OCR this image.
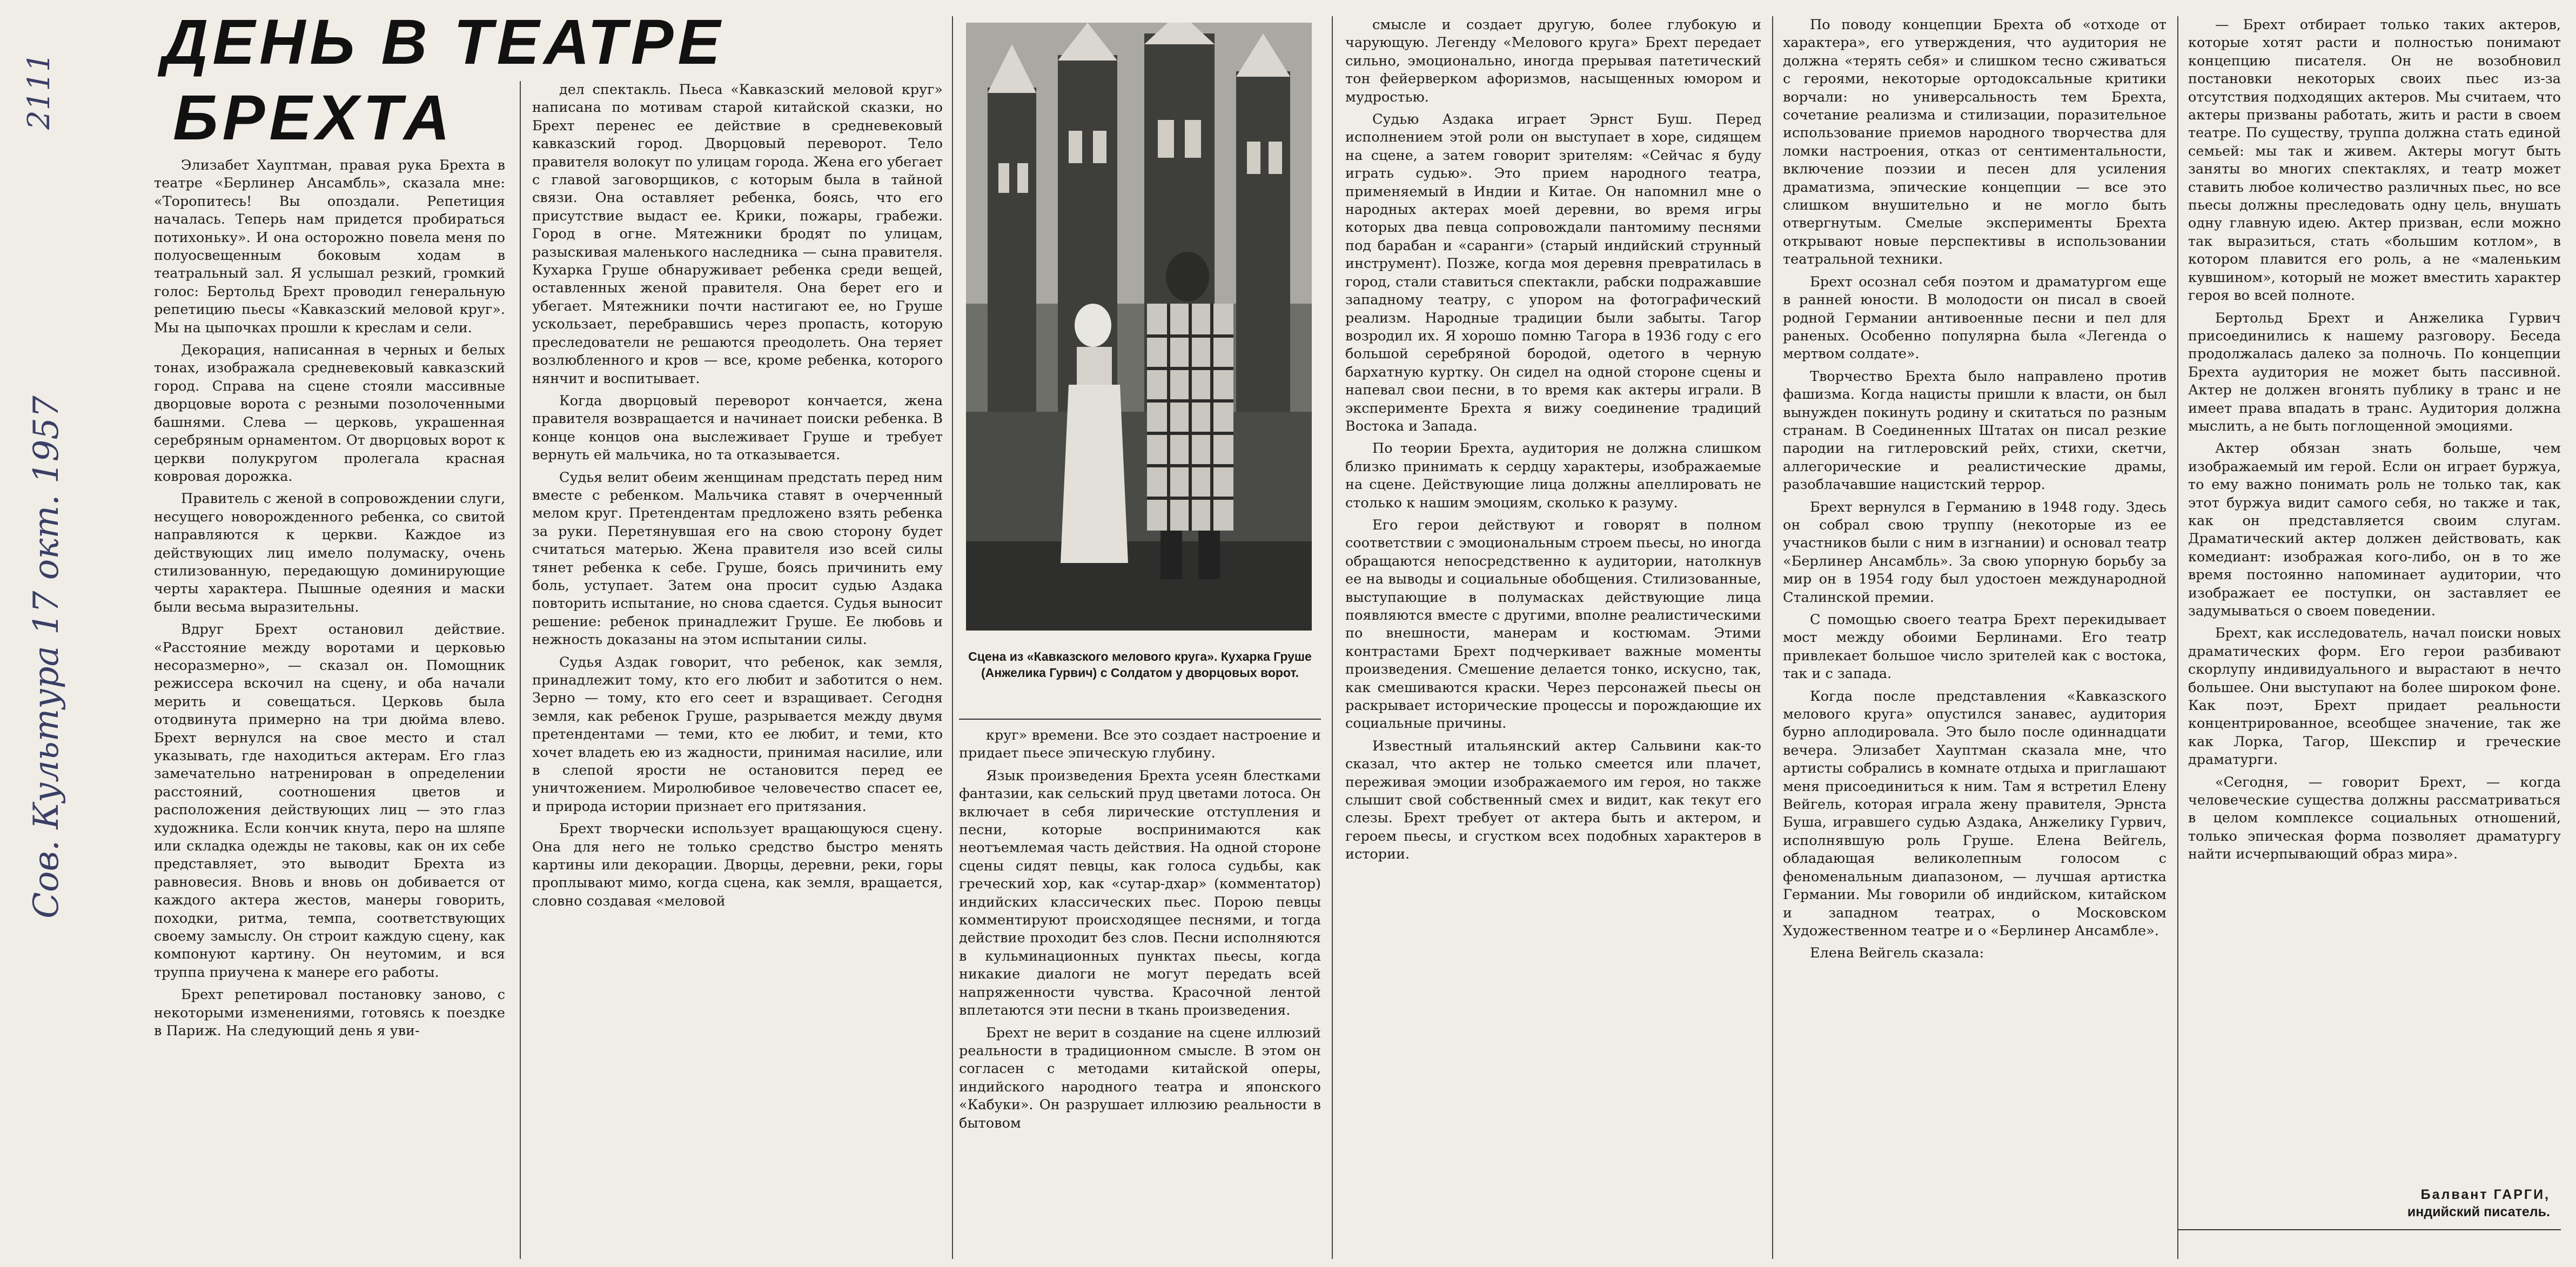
2111
Сов. Культура 17 окт. 1957
ДЕНЬ В ТЕАТРЕ
БРЕХТА

Элизабет Хауптман, правая рука Брехта в театре «Берлинер Ансамбль», сказала мне: «Торопитесь! Вы опоздали. Репетиция началась. Теперь нам придется пробираться потихоньку». И она осторожно повела меня по полуосвещенным боковым ходам в театральный зал. Я услышал резкий, громкий голос: Бертольд Брехт проводил генеральную репетицию пьесы «Кавказский меловой круг». Мы на цыпочках прошли к креслам и сели.

Декорация, написанная в черных и белых тонах, изображала средневековый кавказский город. Справа на сцене стояли массивные дворцовые ворота с резными позолоченными башнями. Слева — церковь, украшенная серебряным орнаментом. От дворцовых ворот к церкви полукругом пролегала красная ковровая дорожка.

Правитель с женой в сопровождении слуги, несущего новорожденного ребенка, со свитой направляются к церкви. Каждое из действующих лиц имело полумаску, очень стилизованную, передающую доминирующие черты характера. Пышные одеяния и маски были весьма выразительны.

Вдруг Брехт остановил действие. «Расстояние между воротами и церковью несоразмерно», — сказал он. Помощник режиссера вскочил на сцену, и оба начали мерить и совещаться. Церковь была отодвинута примерно на три дюйма влево. Брехт вернулся на свое место и стал указывать, где находиться актерам. Его глаз замечательно натренирован в определении расстояний, соотношения цветов и расположения действующих лиц — это глаз художника. Если кончик кнута, перо на шляпе или складка одежды не таковы, как он их себе представляет, это выводит Брехта из равновесия. Вновь и вновь он добивается от каждого актера жестов, манеры говорить, походки, ритма, темпа, соответствующих своему замыслу. Он строит каждую сцену, как компонуют картину. Он неутомим, и вся труппа приучена к манере его работы.

Брехт репетировал постановку заново, с некоторыми изменениями, готовясь к поездке в Париж. На следующий день я уви-

дел спектакль. Пьеса «Кавказский меловой круг» написана по мотивам старой китайской сказки, но Брехт перенес ее действие в средневековый кавказский город. Дворцовый переворот. Тело правителя волокут по улицам города. Жена его убегает с главой заговорщиков, с которым была в тайной связи. Она оставляет ребенка, боясь, что его присутствие выдаст ее. Крики, пожары, грабежи. Город в огне. Мятежники бродят по улицам, разыскивая маленького наследника — сына правителя. Кухарка Груше обнаруживает ребенка среди вещей, оставленных женой правителя. Она берет его и убегает. Мятежники почти настигают ее, но Груше ускользает, перебравшись через пропасть, которую преследователи не решаются преодолеть. Она теряет возлюбленного и кров — все, кроме ребенка, которого нянчит и воспитывает.

Когда дворцовый переворот кончается, жена правителя возвращается и начинает поиски ребенка. В конце концов она выслеживает Груше и требует вернуть ей мальчика, но та отказывается.

Судья велит обеим женщинам предстать перед ним вместе с ребенком. Мальчика ставят в очерченный мелом круг. Претендентам предложено взять ребенка за руки. Перетянувшая его на свою сторону будет считаться матерью. Жена правителя изо всей силы тянет ребенка к себе. Груше, боясь причинить ему боль, уступает. Затем она просит судью Аздака повторить испытание, но снова сдается. Судья выносит решение: ребенок принадлежит Груше. Ее любовь и нежность доказаны на этом испытании силы.

Судья Аздак говорит, что ребенок, как земля, принадлежит тому, кто его любит и заботится о нем. Зерно — тому, кто его сеет и взращивает. Сегодня земля, как ребенок Груше, разрывается между двумя претендентами — теми, кто ее любит, и теми, кто хочет владеть ею из жадности, принимая насилие, или в слепой ярости не остановится перед ее уничтожением. Миролюбивое человечество спасет ее, и природа истории признает его притязания.

Брехт творчески использует вращающуюся сцену. Она для него не только средство быстро менять картины или декорации. Дворцы, деревни, реки, горы проплывают мимо, когда сцена, как земля, вращается, словно создавая «меловой

Сцена из «Кавказского мелового круга». Кухарка Груше (Анжелика Гурвич) с Солдатом у дворцовых ворот.

круг» времени. Все это создает настроение и придает пьесе эпическую глубину.

Язык произведения Брехта усеян блестками фантазии, как сельский пруд цветами лотоса. Он включает в себя лирические отступления и песни, которые воспринимаются как неотъемлемая часть действия. На одной стороне сцены сидят певцы, как голоса судьбы, как греческий хор, как «сутар-дхар» (комментатор) индийских классических пьес. Порою певцы комментируют происходящее песнями, и тогда действие проходит без слов. Песни исполняются в кульминационных пунктах пьесы, когда никакие диалоги не могут передать всей напряженности чувства. Красочной лентой вплетаются эти песни в ткань произведения.

Брехт не верит в создание на сцене иллюзий реальности в традиционном смысле. В этом он согласен с методами китайской оперы, индийского народного театра и японского «Кабуки». Он разрушает иллюзию реальности в бытовом

смысле и создает другую, более глубокую и чарующую. Легенду «Мелового круга» Брехт передает сильно, эмоционально, иногда прерывая патетический тон фейерверком афоризмов, насыщенных юмором и мудростью.

Судью Аздака играет Эрнст Буш. Перед исполнением этой роли он выступает в хоре, сидящем на сцене, а затем говорит зрителям: «Сейчас я буду играть судью». Это прием народного театра, применяемый в Индии и Китае. Он напомнил мне о народных актерах моей деревни, во время игры которых два певца сопровождали пантомиму песнями под барабан и «саранги» (старый индийский струнный инструмент). Позже, когда моя деревня превратилась в город, стали ставиться спектакли, рабски подражавшие западному театру, с упором на фотографический реализм. Народные традиции были забыты. Тагор возродил их. Я хорошо помню Тагора в 1936 году с его большой серебряной бородой, одетого в черную бархатную куртку. Он сидел на одной стороне сцены и напевал свои песни, в то время как актеры играли. В эксперименте Брехта я вижу соединение традиций Востока и Запада.

По теории Брехта, аудитория не должна слишком близко принимать к сердцу характеры, изображаемые на сцене. Действующие лица должны апеллировать не столько к нашим эмоциям, сколько к разуму.

Его герои действуют и говорят в полном соответствии с эмоциональным строем пьесы, но иногда обращаются непосредственно к аудитории, натолкнув ее на выводы и социальные обобщения. Стилизованные, выступающие в полумасках действующие лица появляются вместе с другими, вполне реалистическими по внешности, манерам и костюмам. Этими контрастами Брехт подчеркивает важные моменты произведения. Смешение делается тонко, искусно, так, как смешиваются краски. Через персонажей пьесы он раскрывает исторические процессы и порождающие их социальные причины.

Известный итальянский актер Сальвини как-то сказал, что актер не только смеется или плачет, переживая эмоции изображаемого им героя, но также слышит свой собственный смех и видит, как текут его слезы. Брехт требует от актера быть и актером, и героем пьесы, и сгустком всех подобных характеров в истории.

По поводу концепции Брехта об «отходе от характера», его утверждения, что аудитория не должна «терять себя» и слишком тесно сживаться с героями, некоторые ортодоксальные критики ворчали: но универсальность тем Брехта, сочетание реализма и стилизации, поразительное использование приемов народного творчества для ломки настроения, отказ от сентиментальности, включение поэзии и песен для усиления драматизма, эпические концепции — все это слишком внушительно и не могло быть отвергнутым. Смелые эксперименты Брехта открывают новые перспективы в использовании театральной техники.

Брехт осознал себя поэтом и драматургом еще в ранней юности. В молодости он писал в своей родной Германии антивоенные песни и пел для раненых. Особенно популярна была «Легенда о мертвом солдате».

Творчество Брехта было направлено против фашизма. Когда нацисты пришли к власти, он был вынужден покинуть родину и скитаться по разным странам. В Соединенных Штатах он писал резкие пародии на гитлеровский рейх, стихи, скетчи, аллегорические и реалистические драмы, разоблачавшие нацистский террор.

Брехт вернулся в Германию в 1948 году. Здесь он собрал свою труппу (некоторые из ее участников были с ним в изгнании) и основал театр «Берлинер Ансамбль». За свою упорную борьбу за мир он в 1954 году был удостоен международной Сталинской премии.

С помощью своего театра Брехт перекидывает мост между обоими Берлинами. Его театр привлекает большое число зрителей как с востока, так и с запада.

Когда после представления «Кавказского мелового круга» опустился занавес, аудитория бурно аплодировала. Это было после одиннадцати вечера. Элизабет Хауптман сказала мне, что артисты собрались в комнате отдыха и приглашают меня присоединиться к ним. Там я встретил Елену Вейгель, которая играла жену правителя, Эрнста Буша, игравшего судью Аздака, Анжелику Гурвич, исполнявшую роль Груше. Елена Вейгель, обладающая великолепным голосом с феноменальным диапазоном, — лучшая артистка Германии. Мы говорили об индийском, китайском и западном театрах, о Московском Художественном театре и о «Берлинер Ансамбле».

Елена Вейгель сказала:

— Брехт отбирает только таких актеров, которые хотят расти и полностью понимают концепцию писателя. Он не возобновил постановки некоторых своих пьес из-за отсутствия подходящих актеров. Мы считаем, что актеры призваны работать, жить и расти в своем театре. По существу, труппа должна стать единой семьей: мы так и живем. Актеры могут быть заняты во многих спектаклях, и театр может ставить любое количество различных пьес, но все пьесы должны преследовать одну цель, внушать одну главную идею. Актер призван, если можно так выразиться, стать «большим котлом», в котором плавится его роль, а не «маленьким кувшином», который не может вместить характер героя во всей полноте.

Бертольд Брехт и Анжелика Гурвич присоединились к нашему разговору. Беседа продолжалась далеко за полночь. По концепции Брехта аудитория не может быть пассивной. Актер не должен вгонять публику в транс и не имеет права впадать в транс. Аудитория должна мыслить, а не быть поглощенной эмоциями.

Актер обязан знать больше, чем изображаемый им герой. Если он играет буржуа, то ему важно понимать роль не только так, как этот буржуа видит самого себя, но также и так, как он представляется своим слугам. Драматический актер должен действовать, как комедиант: изображая кого-либо, он в то же время постоянно напоминает аудитории, что изображает ее поступки, он заставляет ее задумываться о своем поведении.

Брехт, как исследователь, начал поиски новых драматических форм. Его герои разбивают скорлупу индивидуального и вырастают в нечто большее. Они выступают на более широком фоне. Как поэт, Брехт придает реальности концентрированное, всеобщее значение, так же как Лорка, Тагор, Шекспир и греческие драматурги.

«Сегодня, — говорит Брехт, — когда человеческие существа должны рассматриваться в целом комплексе социальных отношений, только эпическая форма позволяет драматургу найти исчерпывающий образ мира».

Балвант ГАРГИ,
индийский писатель.
